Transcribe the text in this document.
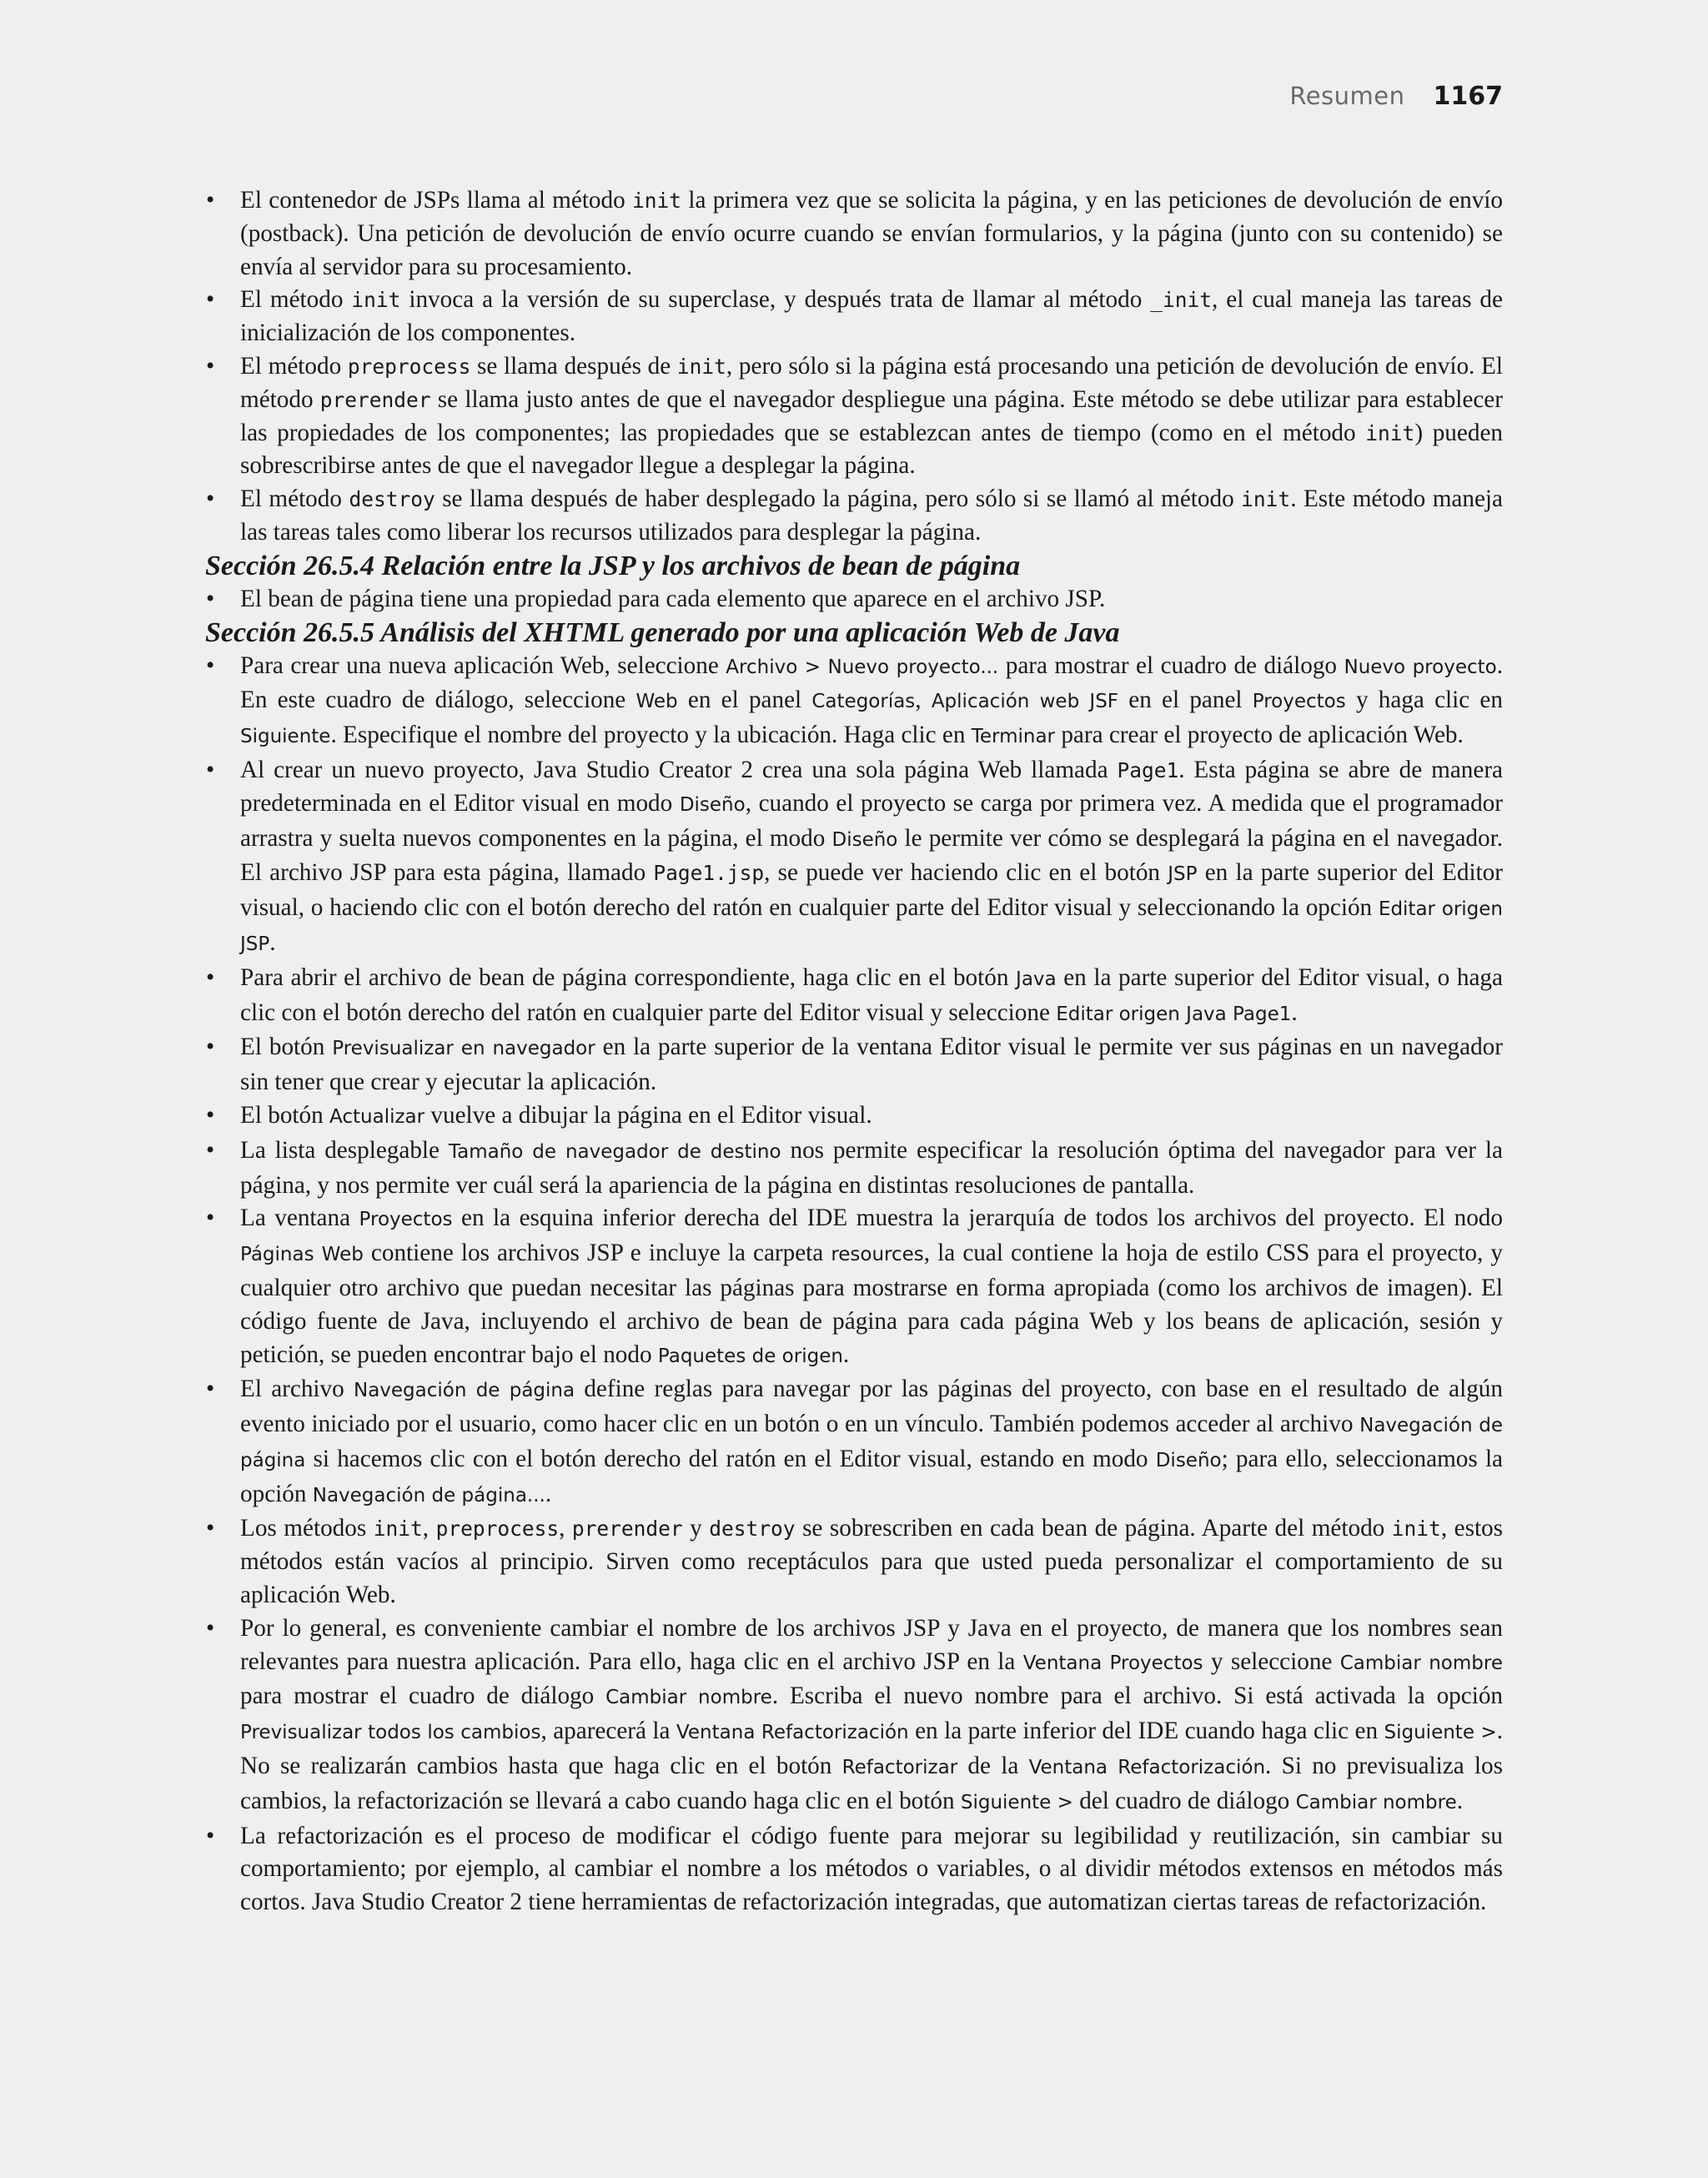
Resumen 1167
• El contenedor de JSPs llama al método init la primera vez que se solicita la página, y en las peticiones de devolución de envío (postback). Una petición de devolución de envío ocurre cuando se envían formularios, y la página (junto con su contenido) se envía al servidor para su procesamiento.
• El método init invoca a la versión de su superclase, y después trata de llamar al método _init, el cual maneja las tareas de inicialización de los componentes.
• El método preprocess se llama después de init, pero sólo si la página está procesando una petición de devolución de envío. El método prerender se llama justo antes de que el navegador despliegue una página. Este método se debe utilizar para establecer las propiedades de los componentes; las propiedades que se establezcan antes de tiempo (como en el método init) pueden sobrescribirse antes de que el navegador llegue a desplegar la página.
• El método destroy se llama después de haber desplegado la página, pero sólo si se llamó al método init. Este método maneja las tareas tales como liberar los recursos utilizados para desplegar la página.
Sección 26.5.4 Relación entre la JSP y los archivos de bean de página
• El bean de página tiene una propiedad para cada elemento que aparece en el archivo JSP.
Sección 26.5.5 Análisis del XHTML generado por una aplicación Web de Java
• Para crear una nueva aplicación Web, seleccione Archivo > Nuevo proyecto... para mostrar el cuadro de diálogo Nuevo proyecto. En este cuadro de diálogo, seleccione Web en el panel Categorías, Aplicación web JSF en el panel Proyectos y haga clic en Siguiente. Especifique el nombre del proyecto y la ubicación. Haga clic en Terminar para crear el proyecto de aplicación Web.
• Al crear un nuevo proyecto, Java Studio Creator 2 crea una sola página Web llamada Page1. Esta página se abre de manera predeterminada en el Editor visual en modo Diseño, cuando el proyecto se carga por primera vez. A medida que el programador arrastra y suelta nuevos componentes en la página, el modo Diseño le permite ver cómo se desplegará la página en el navegador. El archivo JSP para esta página, llamado Page1.jsp, se puede ver haciendo clic en el botón JSP en la parte superior del Editor visual, o haciendo clic con el botón derecho del ratón en cualquier parte del Editor visual y seleccionando la opción Editar origen JSP.
• Para abrir el archivo de bean de página correspondiente, haga clic en el botón Java en la parte superior del Editor visual, o haga clic con el botón derecho del ratón en cualquier parte del Editor visual y seleccione Editar origen Java Page1.
• El botón Previsualizar en navegador en la parte superior de la ventana Editor visual le permite ver sus páginas en un navegador sin tener que crear y ejecutar la aplicación.
• El botón Actualizar vuelve a dibujar la página en el Editor visual.
• La lista desplegable Tamaño de navegador de destino nos permite especificar la resolución óptima del navegador para ver la página, y nos permite ver cuál será la apariencia de la página en distintas resoluciones de pantalla.
• La ventana Proyectos en la esquina inferior derecha del IDE muestra la jerarquía de todos los archivos del proyecto. El nodo Páginas Web contiene los archivos JSP e incluye la carpeta resources, la cual contiene la hoja de estilo CSS para el proyecto, y cualquier otro archivo que puedan necesitar las páginas para mostrarse en forma apropiada (como los archivos de imagen). El código fuente de Java, incluyendo el archivo de bean de página para cada página Web y los beans de aplicación, sesión y petición, se pueden encontrar bajo el nodo Paquetes de origen.
• El archivo Navegación de página define reglas para navegar por las páginas del proyecto, con base en el resultado de algún evento iniciado por el usuario, como hacer clic en un botón o en un vínculo. También podemos acceder al archivo Navegación de página si hacemos clic con el botón derecho del ratón en el Editor visual, estando en modo Diseño; para ello, seleccionamos la opción Navegación de página....
• Los métodos init, preprocess, prerender y destroy se sobrescriben en cada bean de página. Aparte del método init, estos métodos están vacíos al principio. Sirven como receptáculos para que usted pueda personalizar el comportamiento de su aplicación Web.
• Por lo general, es conveniente cambiar el nombre de los archivos JSP y Java en el proyecto, de manera que los nombres sean relevantes para nuestra aplicación. Para ello, haga clic en el archivo JSP en la Ventana Proyectos y seleccione Cambiar nombre para mostrar el cuadro de diálogo Cambiar nombre. Escriba el nuevo nombre para el archivo. Si está activada la opción Previsualizar todos los cambios, aparecerá la Ventana Refactorización en la parte inferior del IDE cuando haga clic en Siguiente >. No se realizarán cambios hasta que haga clic en el botón Refactorizar de la Ventana Refactorización. Si no previsualiza los cambios, la refactorización se llevará a cabo cuando haga clic en el botón Siguiente > del cuadro de diálogo Cambiar nombre.
• La refactorización es el proceso de modificar el código fuente para mejorar su legibilidad y reutilización, sin cambiar su comportamiento; por ejemplo, al cambiar el nombre a los métodos o variables, o al dividir métodos extensos en métodos más cortos. Java Studio Creator 2 tiene herramientas de refactorización integradas, que automatizan ciertas tareas de refactorización.
